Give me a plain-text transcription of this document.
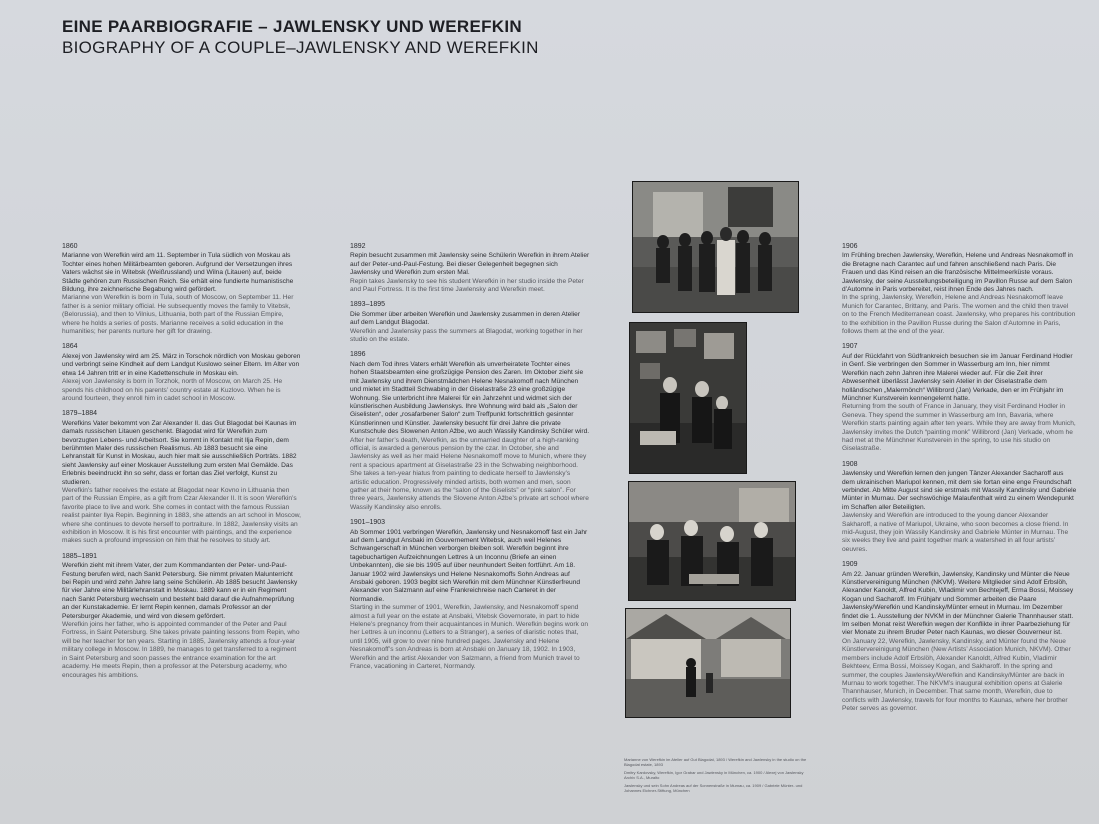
EINE PAARBIOGRAFIE – JAWLENSKY UND WEREFKIN
BIOGRAPHY OF A COUPLE–JAWLENSKY AND WEREFKIN
1860

Marianne von Werefkin wird am 11. September in Tula südlich von Moskau als Tochter eines hohen Militärbeamten geboren. Aufgrund der Versetzungen ihres Vaters wächst sie in Witebsk (Weißrussland) und Wilna (Litauen) auf, beide Städte gehören zum Russischen Reich. Sie erhält eine fundierte humanistische Bildung, ihre zeichnerische Begabung wird gefördert.

Marianne von Werefkin is born in Tula, south of Moscow, on September 11. Her father is a senior military official. He subsequently moves the family to Vitebsk, (Belorussia), and then to Vilnius, Lithuania, both part of the Russian Empire, where he holds a series of posts. Marianne receives a solid education in the humanities; her parents nurture her gift for drawing.

1864

Alexej von Jawlensky wird am 25. März in Torschok nördlich von Moskau geboren und verbringt seine Kindheit auf dem Landgut Kuslowo seiner Eltern. Im Alter von etwa 14 Jahren tritt er in eine Kadettenschule in Moskau ein.

Alexej von Jawlensky is born in Torzhok, north of Moscow, on March 25. He spends his childhood on his parents’ country estate at Kuzlovo. When he is around fourteen, they enroll him in cadet school in Moscow.

1879–1884

Werefkins Vater bekommt von Zar Alexander II. das Gut Blagodat bei Kaunas im damals russischen Litauen geschenkt. Blagodat wird für Werefkin zum bevorzugten Lebens- und Arbeitsort. Sie kommt in Kontakt mit Ilja Repin, dem berühmten Maler des russischen Realismus. Ab 1883 besucht sie eine Lehranstalt für Kunst in Moskau, auch hier malt sie ausschließlich Porträts. 1882 sieht Jawlensky auf einer Moskauer Ausstellung zum ersten Mal Gemälde. Das Erlebnis beeindruckt ihn so sehr, dass er fortan das Ziel verfolgt, Kunst zu studieren.

Werefkin’s father receives the estate at Blagodat near Kovno in Lithuania then part of the Russian Empire, as a gift from Czar Alexander II. It is soon Werefkin’s favorite place to live and work. She comes in contact with the famous Russian realist painter Ilya Repin. Beginning in 1883, she attends an art school in Moscow, where she continues to devote herself to portraiture. In 1882, Jawlensky visits an exhibition in Moscow. It is his first encounter with paintings, and the experience makes such a profound impression on him that he resolves to study art.

1885–1891

Werefkin zieht mit ihrem Vater, der zum Kommandanten der Peter- und-Paul-Festung berufen wird, nach Sankt Petersburg. Sie nimmt privaten Malunterricht bei Repin und wird zehn Jahre lang seine Schülerin. Ab 1885 besucht Jawlensky für vier Jahre eine Militärlehranstalt in Moskau. 1889 kann er in ein Regiment nach Sankt Petersburg wechseln und besteht bald darauf die Aufnahmeprüfung an der Kunstakademie. Er lernt Repin kennen, damals Professor an der Petersburger Akademie, und wird von diesem gefördert.

Werefkin joins her father, who is appointed commander of the Peter and Paul Fortress, in Saint Petersburg. She takes private painting lessons from Repin, who will be her teacher for ten years. Starting in 1885, Jawlensky attends a four-year military college in Moscow. In 1889, he manages to get transferred to a regiment in Saint Petersburg and soon passes the entrance examination for the art academy. He meets Repin, then a professor at the Petersburg academy, who encourages his ambitions.

1892

Repin besucht zusammen mit Jawlensky seine Schülerin Werefkin in ihrem Atelier auf der Peter-und-Paul-Festung. Bei dieser Gelegenheit begegnen sich Jawlensky und Werefkin zum ersten Mal.

Repin takes Jawlensky to see his student Werefkin in her studio inside the Peter and Paul Fortress. It is the first time Jawlensky and Werefkin meet.

1893–1895

Die Sommer über arbeiten Werefkin und Jawlensky zusammen in deren Atelier auf dem Landgut Blagodat.

Werefkin and Jawlensky pass the summers at Blagodat, working together in her studio on the estate.

1896

Nach dem Tod ihres Vaters erhält Werefkin als unverheiratete Tochter eines hohen Staatsbeamten eine großzügige Pension des Zaren. Im Oktober zieht sie mit Jawlensky und ihrem Dienstmädchen Helene Nesnakomoff nach München und mietet im Stadtteil Schwabing in der Giselastraße 23 eine großzügige Wohnung. Sie unterbricht ihre Malerei für ein Jahrzehnt und widmet sich der künstlerischen Ausbildung Jawlenskys. Ihre Wohnung wird bald als „Salon der Giselisten“, oder „rosafarbener Salon“ zum Treffpunkt fortschrittlich gesinnter Künstlerinnen und Künstler. Jawlensky besucht für drei Jahre die private Kunstschule des Slowenen Anton Ažbe, wo auch Wassily Kandinsky Schüler wird.

After her father’s death, Werefkin, as the unmarried daughter of a high-ranking official, is awarded a generous pension by the czar. In October, she and Jawlensky as well as her maid Helene Nesnakomoff move to Munich, where they rent a spacious apartment at Giselastraße 23 in the Schwabing neighborhood. She takes a ten-year hiatus from painting to dedicate herself to Jawlensky’s artistic education. Progressively minded artists, both women and men, soon gather at their home, known as the “salon of the Giselists” or “pink salon”. For three years, Jawlensky attends the Slovene Anton Ažbe’s private art school where Wassily Kandinsky also enrolls.

1901–1903

Ab Sommer 1901 verbringen Werefkin, Jawlensky und Nesnakomoff fast ein Jahr auf dem Landgut Ansbaki im Gouvernement Witebsk, auch weil Helenes Schwangerschaft in München verborgen bleiben soll. Werefkin beginnt ihre tagebuchartigen Aufzeichnungen Lettres à un Inconnu (Briefe an einen Unbekannten), die sie bis 1905 auf über neunhundert Seiten fortführt. Am 18. Januar 1902 wird Jawlenskys und Helene Nesnakomoffs Sohn Andreas auf Ansbaki geboren. 1903 begibt sich Werefkin mit dem Münchner Künstlerfreund Alexander von Salzmann auf eine Frankreichreise nach Carteret in der Normandie.

Starting in the summer of 1901, Werefkin, Jawlensky, and Nesnakomoff spend almost a full year on the estate at Ansbaki, Vitebsk Governorate, in part to hide Helene’s pregnancy from their acquaintances in Munich. Werefkin begins work on her Lettres à un inconnu (Letters to a Stranger), a series of diaristic notes that, until 1905, will grow to over nine hundred pages. Jawlensky and Helene Nesnakomoff’s son Andreas is born at Ansbaki on January 18, 1902. In 1903, Werefkin and the artist Alexander von Salzmann, a friend from Munich travel to France, vacationing in Carteret, Normandy.

1906

Im Frühling brechen Jawlensky, Werefkin, Helene und Andreas Nesnakomoff in die Bretagne nach Carantec auf und fahren anschließend nach Paris. Die Frauen und das Kind reisen an die französische Mittelmeerküste voraus. Jawlensky, der seine Ausstellungsbeteiligung im Pavillon Russe auf dem Salon d’Automne in Paris vorbereitet, reist ihnen Ende des Jahres nach.

In the spring, Jawlensky, Werefkin, Helene and Andreas Nesnakomoff leave Munich for Carantec, Brittany, and Paris. The women and the child then travel on to the French Mediterranean coast. Jawlensky, who prepares his contribution to the exhibition in the Pavillon Russe during the Salon d’Automne in Paris, follows them at the end of the year.

1907

Auf der Rückfahrt von Südfrankreich besuchen sie im Januar Ferdinand Hodler in Genf. Sie verbringen den Sommer in Wasserburg am Inn, hier nimmt Werefkin nach zehn Jahren ihre Malerei wieder auf. Für die Zeit ihrer Abwesenheit überlässt Jawlensky sein Atelier in der Giselastraße dem holländischen „Malermönch“ Willibrord (Jan) Verkade, den er im Frühjahr im Münchner Kunstverein kennengelernt hatte.

Returning from the south of France in January, they visit Ferdinand Hodler in Geneva. They spend the summer in Wasserburg am Inn, Bavaria, where Werefkin starts painting again after ten years. While they are away from Munich, Jawlensky invites the Dutch “painting monk” Willibrord (Jan) Verkade, whom he had met at the Münchner Kunstverein in the spring, to use his studio on Giselastraße.

1908

Jawlensky und Werefkin lernen den jungen Tänzer Alexander Sacharoff aus dem ukrainischen Mariupol kennen, mit dem sie fortan eine enge Freundschaft verbindet. Ab Mitte August sind sie erstmals mit Wassily Kandinsky und Gabriele Münter in Murnau. Der sechswöchige Malaufenthalt wird zu einem Wendepunkt im Schaffen aller Beteiligten.

Jawlensky and Werefkin are introduced to the young dancer Alexander Sakharoff, a native of Mariupol, Ukraine, who soon becomes a close friend. In mid-August, they join Wassily Kandinsky and Gabriele Münter in Murnau. The six weeks they live and paint together mark a watershed in all four artists’ oeuvres.

1909

Am 22. Januar gründen Werefkin, Jawlensky, Kandinsky und Münter die Neue Künstlervereinigung München (NKVM). Weitere Mitglieder sind Adolf Erbslöh, Alexander Kanoldt, Alfred Kubin, Wladimir von Bechtejeff, Erma Bossi, Moissey Kogan und Sacharoff. Im Frühjahr und Sommer arbeiten die Paare Jawlensky/Werefkin und Kandinsky/Münter erneut in Murnau. Im Dezember findet die 1. Ausstellung der NVKM in der Münchner Galerie Thannhauser statt. Im selben Monat reist Werefkin wegen der Konflikte in ihrer Paarbeziehung für vier Monate zu ihrem Bruder Peter nach Kaunas, wo dieser Gouverneur ist.

On January 22, Werefkin, Jawlensky, Kandinsky, and Münter found the Neue Künstlervereinigung München (New Artists’ Association Munich, NKVM). Other members include Adolf Erbslöh, Alexander Kanoldt, Alfred Kubin, Vladimir Bekhteev, Erma Bossi, Moissey Kogan, and Sakharoff. In the spring and summer, the couples Jawlensky/Werefkin and Kandinsky/Münter are back in Murnau to work together. The NKVM’s inaugural exhibition opens at Galerie Thannhauser, Munich, in December. That same month, Werefkin, due to conflicts with Jawlensky, travels for four months to Kaunas, where her brother Peter serves as governor.

Marianne von Werefkin im Atelier auf Gut Blagodat, 1893 / Werefkin and Jawlensky in the studio on the Blagodat estate, 1893

Dmitry Kardovsky, Werefkin, Igor Grabar und Jawlensky in München, ca. 1900 / Alexej von Jawlensky Archiv S.A., Muralto

Jawlensky und sein Sohn Andreas auf der Sonnenstraße in Murnau, ca. 1909 / Gabriele Münter- und Johannes Eichner-Stiftung, München
